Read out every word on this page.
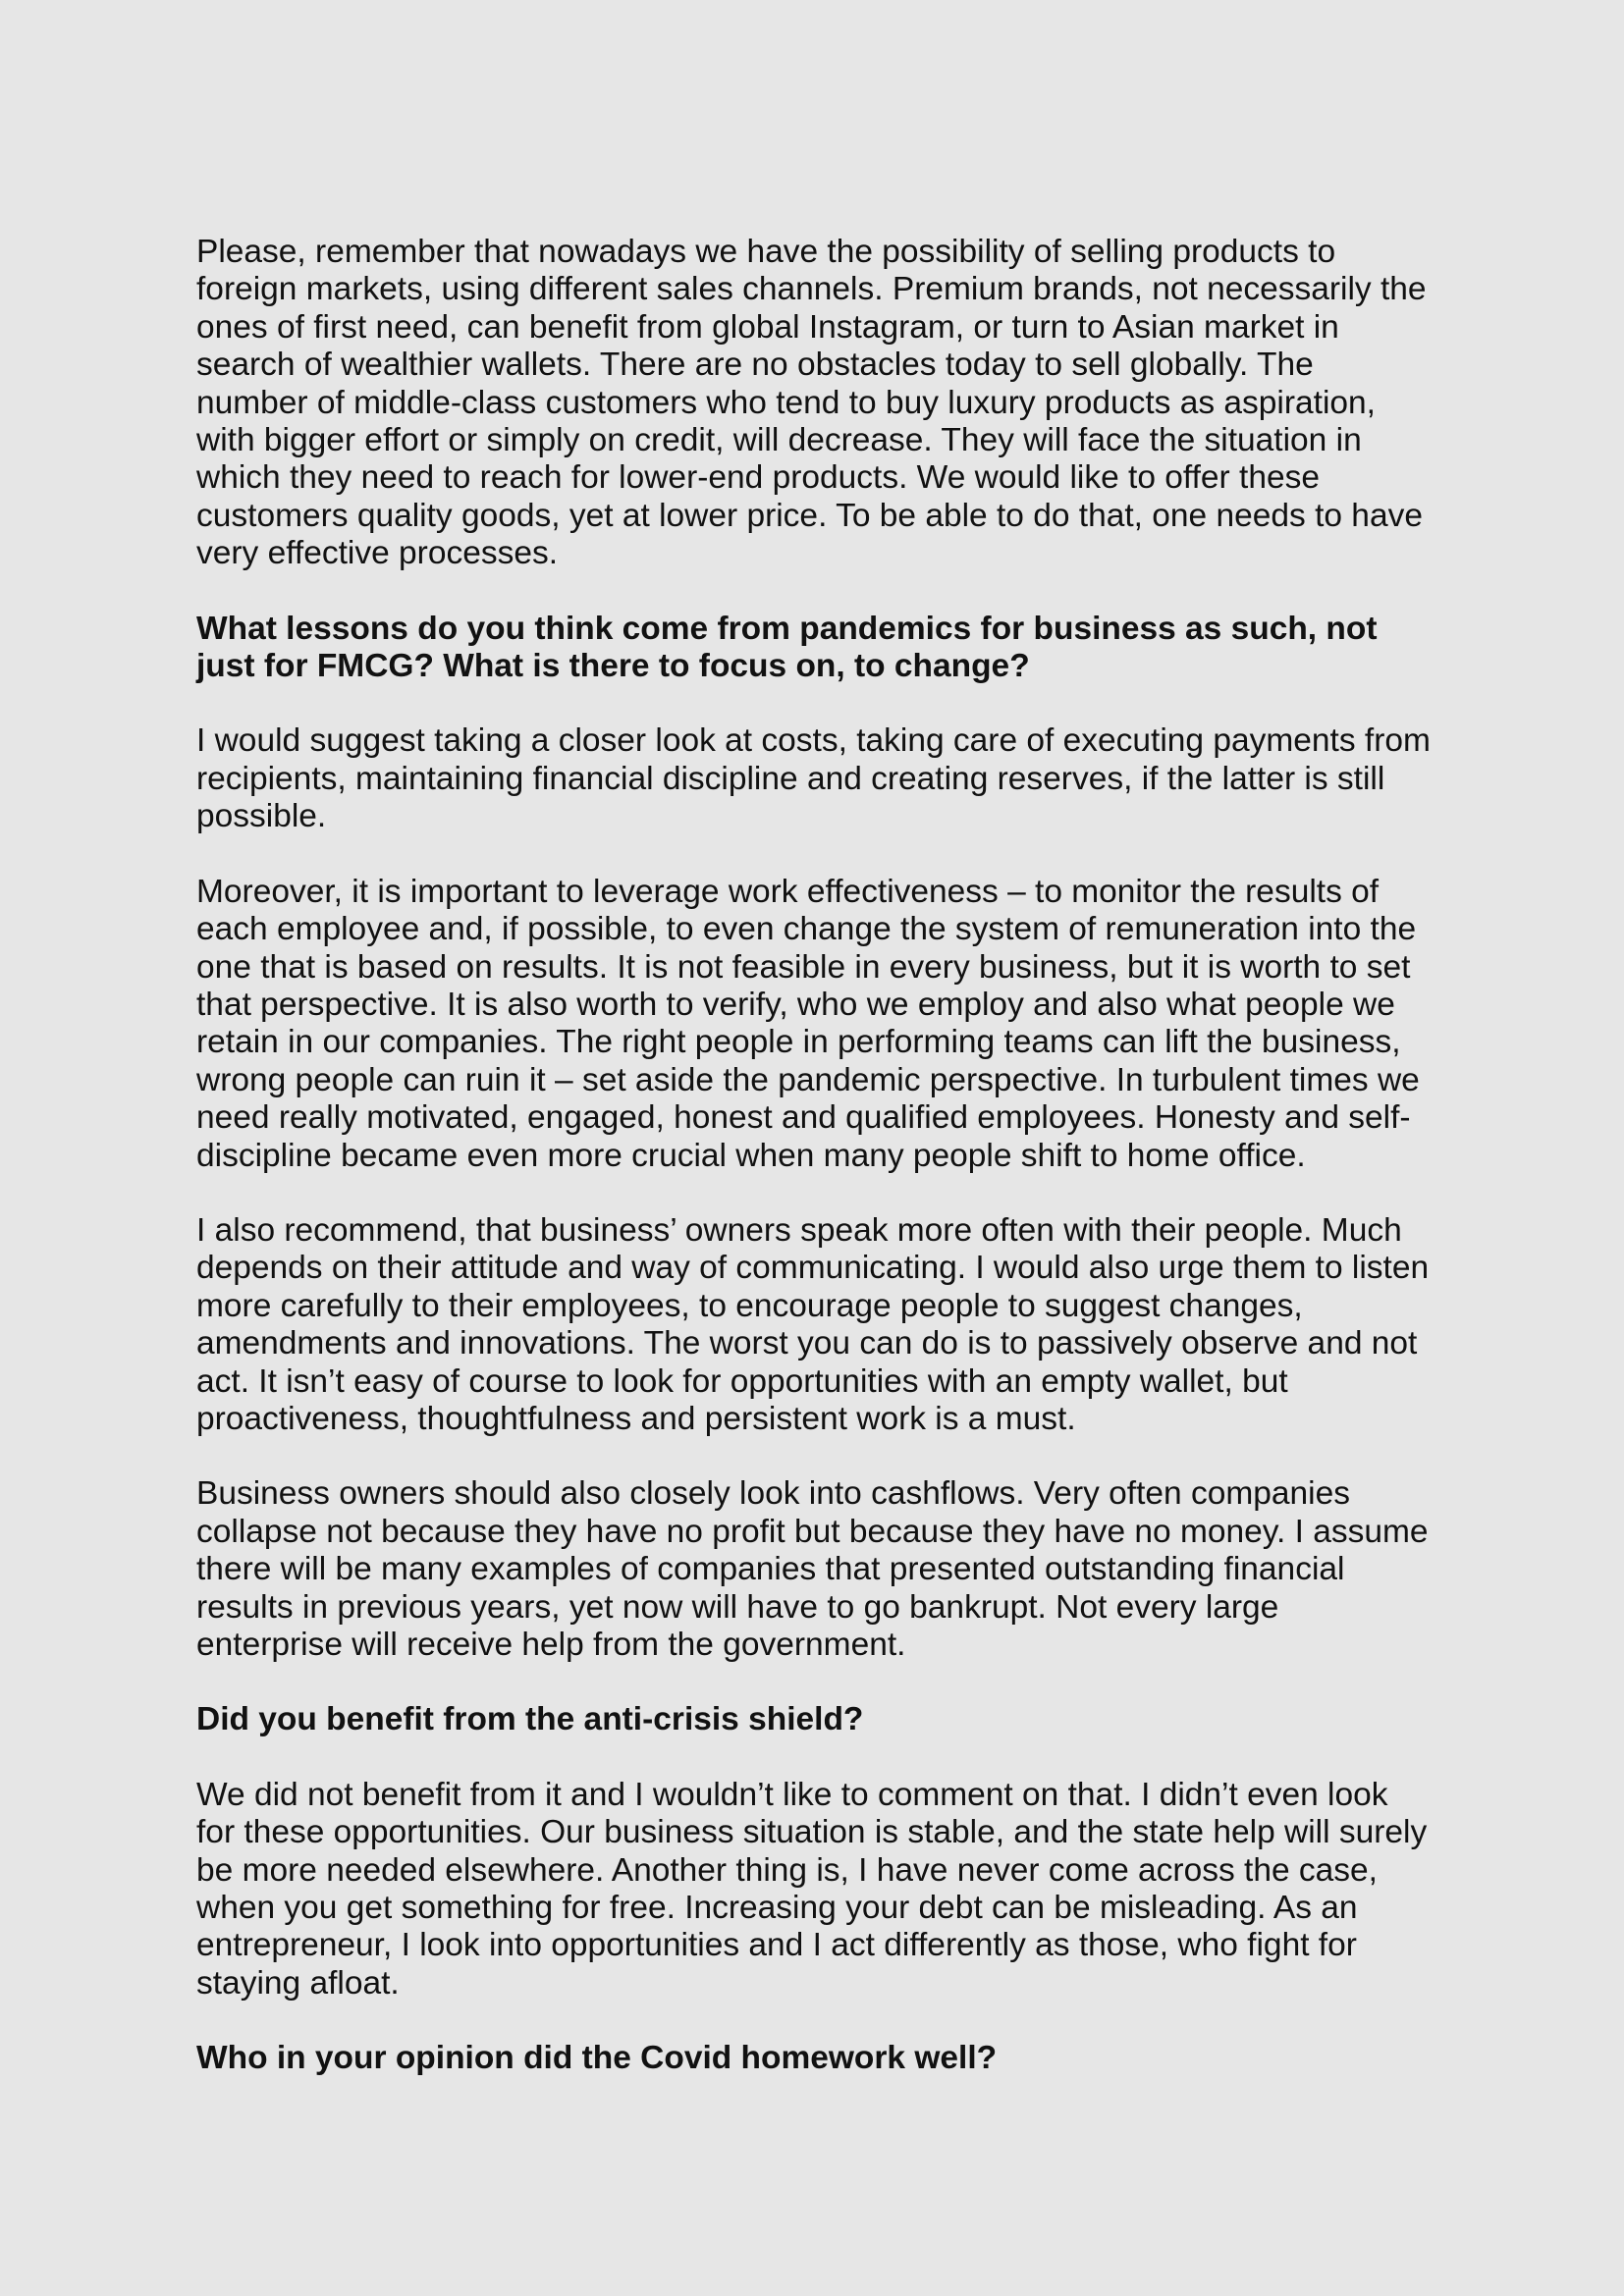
Please, remember that nowadays we have the possibility of selling products to

foreign markets, using different sales channels. Premium brands, not necessarily the

ones of first need, can benefit from global Instagram, or turn to Asian market in

search of wealthier wallets. There are no obstacles today to sell globally. The

number of middle-class customers who tend to buy luxury products as aspiration,

with bigger effort or simply on credit, will decrease. They will face the situation in

which they need to reach for lower-end products. We would like to offer these

customers quality goods, yet at lower price. To be able to do that, one needs to have

very effective processes.

What lessons do you think come from pandemics for business as such, not

just for FMCG? What is there to focus on, to change?

I would suggest taking a closer look at costs, taking care of executing payments from

recipients, maintaining financial discipline and creating reserves, if the latter is still

possible.

Moreover, it is important to leverage work effectiveness – to monitor the results of

each employee and, if possible, to even change the system of remuneration into the

one that is based on results. It is not feasible in every business, but it is worth to set

that perspective. It is also worth to verify, who we employ and also what people we

retain in our companies. The right people in performing teams can lift the business,

wrong people can ruin it – set aside the pandemic perspective. In turbulent times we

need really motivated, engaged, honest and qualified employees. Honesty and self-

discipline became even more crucial when many people shift to home office.

I also recommend, that business’ owners speak more often with their people. Much

depends on their attitude and way of communicating. I would also urge them to listen

more carefully to their employees, to encourage people to suggest changes,

amendments and innovations. The worst you can do is to passively observe and not

act. It isn’t easy of course to look for opportunities with an empty wallet, but

proactiveness, thoughtfulness and persistent work is a must.

Business owners should also closely look into cashflows. Very often companies

collapse not because they have no profit but because they have no money. I assume

there will be many examples of companies that presented outstanding financial

results in previous years, yet now will have to go bankrupt. Not every large

enterprise will receive help from the government.

Did you benefit from the anti-crisis shield?

We did not benefit from it and I wouldn’t like to comment on that. I didn’t even look

for these opportunities. Our business situation is stable, and the state help will surely

be more needed elsewhere. Another thing is, I have never come across the case,

when you get something for free. Increasing your debt can be misleading. As an

entrepreneur, I look into opportunities and I act differently as those, who fight for

staying afloat.

Who in your opinion did the Covid homework well?
